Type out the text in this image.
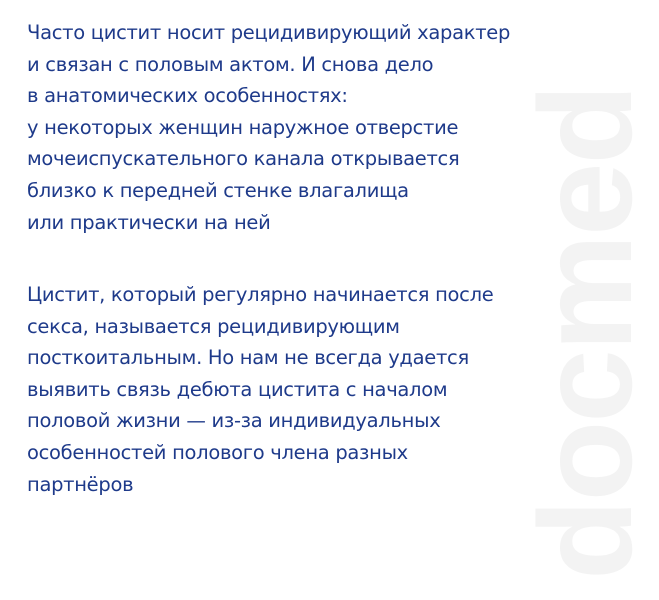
docmed
Часто цистит носит рецидивирующий характер
и связан с половым актом. И снова дело
в анатомических особенностях:
у некоторых женщин наружное отверстие
мочеиспускательного канала открывается
близко к передней стенке влагалища
или практически на ней
Цистит, который регулярно начинается после
секса, называется рецидивирующим
посткоитальным. Но нам не всегда удается
выявить связь дебюта цистита с началом
половой жизни — из-за индивидуальных
особенностей полового члена разных
партнёров
